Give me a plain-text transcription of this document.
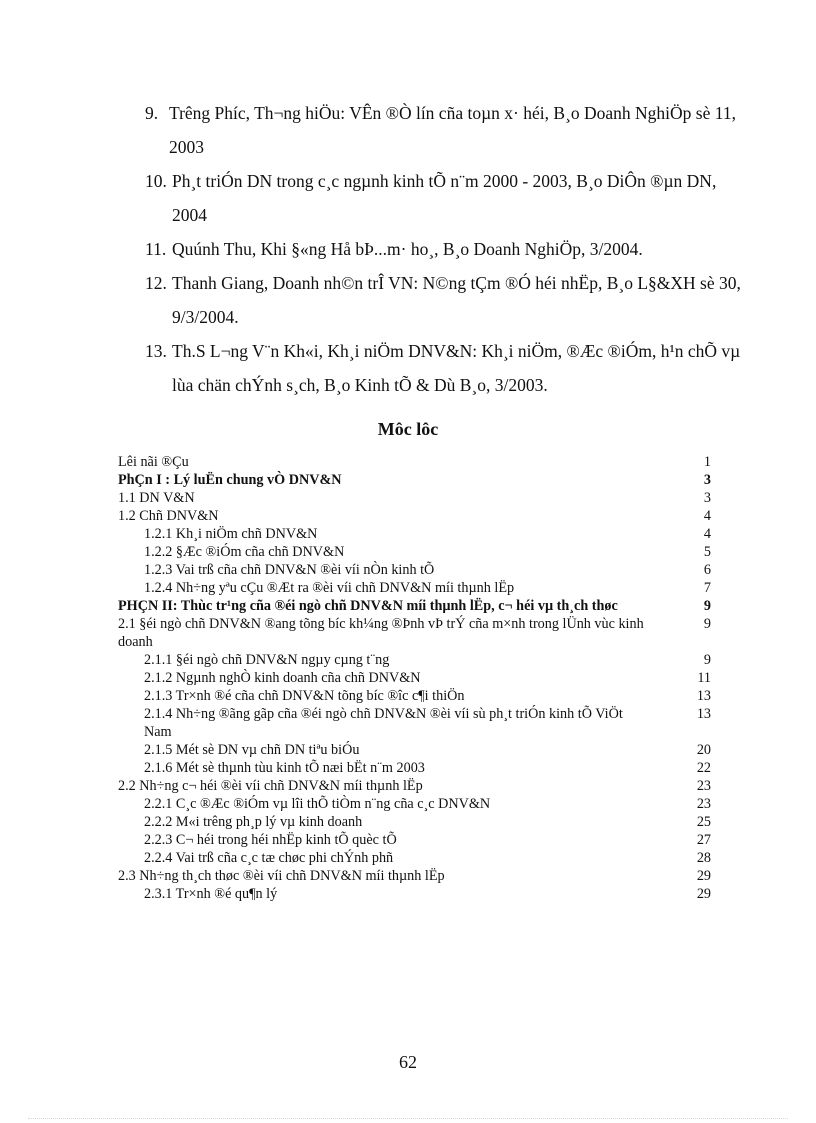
9. Trêng Phíc, Th¬ng hiÖu: VÊn ®Ò lín cña toµn x· héi, B¸o Doanh NghiÖp sè 11, 2003
10. Ph¸t triÓn DN trong c¸c ngµnh kinh tÕ n¨m 2000 - 2003, B¸o DiÔn ®µn DN, 2004
11. Quúnh Thu, Khi §«ng Hå bÞ...m· ho¸, B¸o Doanh NghiÖp, 3/2004.
12. Thanh Giang, Doanh nh©n trÎ VN: N©ng tÇm ®Ó héi nhËp, B¸o L§&XH sè 30, 9/3/2004.
13. Th.S L¬ng V¨n Kh«i, Kh¸i niÖm DNV&N: Kh¸i niÖm, ®Æc ®iÓm, h¹n chÕ vµ lùa chän chÝnh s¸ch, B¸o Kinh tÕ & Dù B¸o, 3/2003.
Môc lôc
Lêi nãi ®Çu	1
PhÇn I : Lý luËn chung vÒ DNV&N	3
1.1 DN V&N	3
1.2 Chñ DNV&N	4
1.2.1 Kh¸i niÖm chñ DNV&N	4
1.2.2 §Æc ®iÓm cña chñ DNV&N	5
1.2.3 Vai trß cña chñ DNV&N ®èi víi nÒn kinh tÕ	6
1.2.4 Nh÷ng yªu cÇu ®Æt ra ®èi víi chñ DNV&N míi thµnh lËp	7
PHÇN II: Thùc tr¹ng cña ®éi ngò chñ DNV&N míi thµnh lËp, c¬ héi vµ th¸ch thøc	9
2.1 §éi ngò chñ DNV&N ®ang tõng bíc kh¼ng ®Þnh vÞ trÝ cña m×nh trong lÜnh vùc kinh doanh
9
2.1.1 §éi ngò chñ DNV&N ngµy cµng t¨ng	9
2.1.2 Ngµnh nghÒ kinh doanh cña chñ DNV&N	11
2.1.3 Tr×nh ®é cña chñ DNV&N tõng bíc ®îc c¶i thiÖn	13
2.1.4 Nh÷ng ®ãng gãp cña ®éi ngò chñ DNV&N ®èi víi sù ph¸t triÓn kinh tÕ ViÖt Nam
13
2.1.5 Mét sè DN vµ chñ DN tiªu biÓu	20
2.1.6 Mét sè thµnh tùu kinh tÕ næi bËt n¨m 2003	22
2.2 Nh÷ng c¬ héi ®èi víi chñ DNV&N míi thµnh lËp	23
2.2.1 C¸c ®Æc ®iÓm vµ lîi thÕ tiÒm n¨ng cña c¸c DNV&N	23
2.2.2 M«i trêng ph¸p lý vµ kinh doanh	25
2.2.3 C¬ héi trong héi nhËp kinh tÕ quèc tÕ	27
2.2.4 Vai trß cña c¸c tæ chøc phi chÝnh phñ	28
2.3 Nh÷ng th¸ch thøc ®èi víi chñ DNV&N míi thµnh lËp	29
2.3.1 Tr×nh ®é qu¶n lý	29
62
